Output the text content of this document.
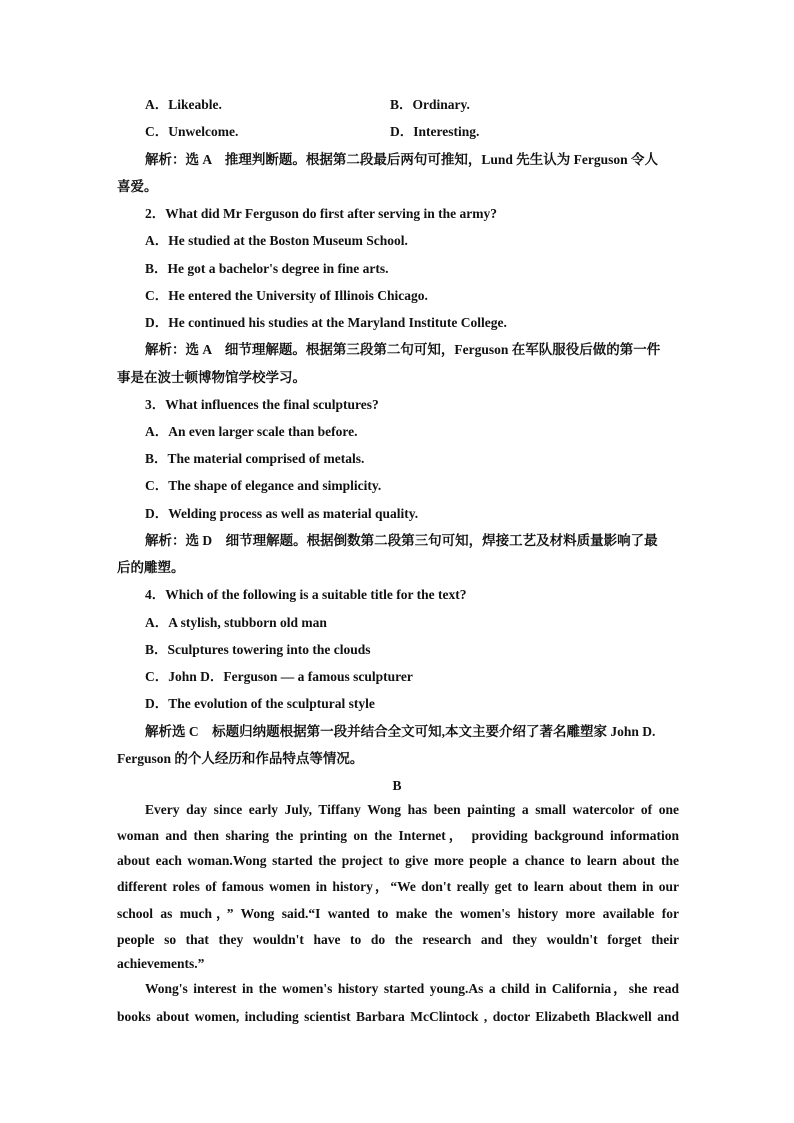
A．Likeable.	B．Ordinary.
C．Unwelcome.	D．Interesting.
解析：选 A　推理判断题。根据第二段最后两句可推知，Lund 先生认为 Ferguson 令人
喜爱。
2．What did Mr Ferguson do first after serving in the army?
A．He studied at the Boston Museum School.
B．He got a bachelor's degree in fine arts.
C．He entered the University of Illinois Chicago.
D．He continued his studies at the Maryland Institute College.
解析：选 A　细节理解题。根据第三段第二句可知，Ferguson 在军队服役后做的第一件
事是在波士顿博物馆学校学习。
3．What influences the final sculptures?
A．An even larger scale than before.
B．The material comprised of metals.
C．The shape of elegance and simplicity.
D．Welding process as well as material quality.
解析：选 D　细节理解题。根据倒数第二段第三句可知，焊接工艺及材料质量影响了最
后的雕塑。
4．Which of the following is a suitable title for the text?
A．A stylish, stubborn old man
B．Sculptures towering into the clouds
C．John D．Ferguson — a famous sculpturer
D．The evolution of the sculptural style
解析选 C　标题归纳题根据第一段并结合全文可知,本文主要介绍了著名雕塑家 John D.
Ferguson 的个人经历和作品特点等情况。
B
Every day since early July, Tiffany Wong has been painting a small watercolor of one
woman and then sharing the printing on the Internet， providing background information
about each woman.Wong started the project to give more people a chance to learn about the
different roles of famous women in history，“We don't really get to learn about them in our
school as much，” Wong said.“I wanted to make the women's history more available for
people so that they wouldn't have to do the research and they wouldn't forget their
achievements.”
Wong's interest in the women's history started young.As a child in California，she read
books about women, including scientist Barbara McClintock , doctor Elizabeth Blackwell and
